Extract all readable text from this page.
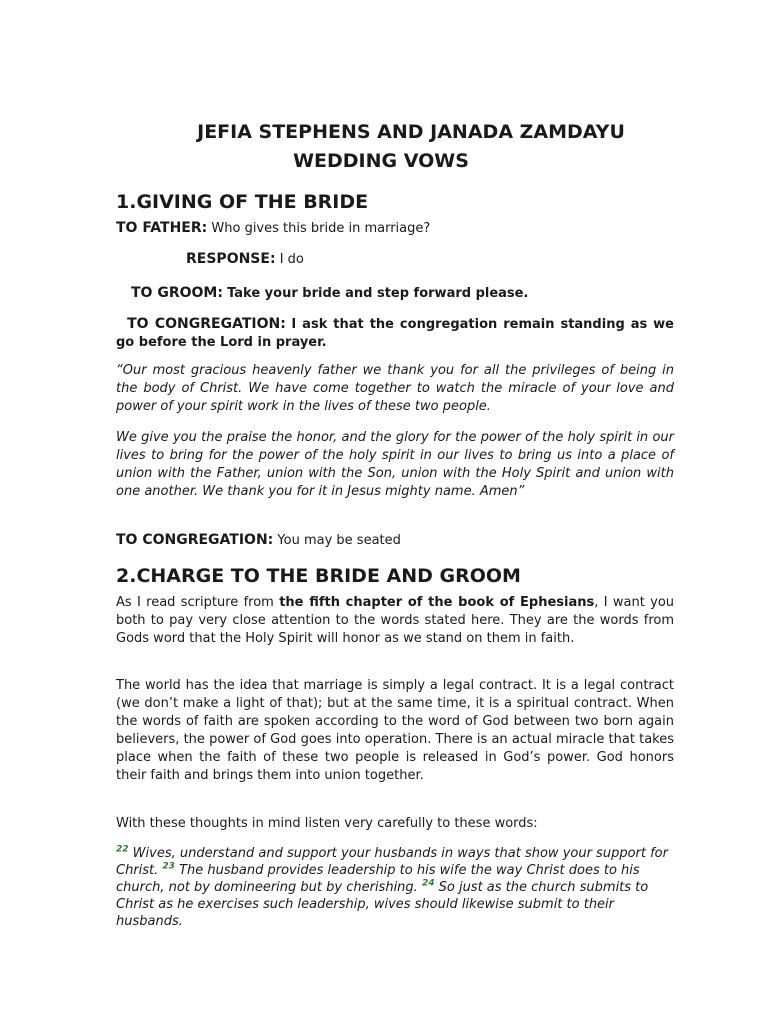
JEFIA STEPHENS AND JANADA ZAMDAYU

WEDDING VOWS

1.GIVING OF THE BRIDE

TO FATHER: Who gives this bride in marriage?

RESPONSE: I do

TO GROOM: Take your bride and step forward please.

TO CONGREGATION: I ask that the congregation remain standing as we go before the Lord in prayer.

“Our most gracious heavenly father we thank you for all the privileges of being in the body of Christ. We have come together to watch the miracle of your love and power of your spirit work in the lives of these two people.

We give you the praise the honor, and the glory for the power of the holy spirit in our lives to bring for the power of the holy spirit in our lives to bring us into a place of union with the Father, union with the Son, union with the Holy Spirit and union with one another. We thank you for it in Jesus mighty name. Amen”

TO CONGREGATION: You may be seated

2.CHARGE TO THE BRIDE AND GROOM

As I read scripture from the fifth chapter of the book of Ephesians, I want you both to pay very close attention to the words stated here. They are the words from Gods word that the Holy Spirit will honor as we stand on them in faith.

The world has the idea that marriage is simply a legal contract. It is a legal contract (we don’t make a light of that); but at the same time, it is a spiritual contract. When the words of faith are spoken according to the word of God between two born again believers, the power of God goes into operation. There is an actual miracle that takes place when the faith of these two people is released in God’s power. God honors their faith and brings them into union together.

With these thoughts in mind listen very carefully to these words:

$^{22}$ Wives, understand and support your husbands in ways that show your support for Christ. $^{23}$ The husband provides leadership to his wife the way Christ does to his church, not by domineering but by cherishing. $^{24}$ So just as the church submits to Christ as he exercises such leadership, wives should likewise submit to their husbands.
